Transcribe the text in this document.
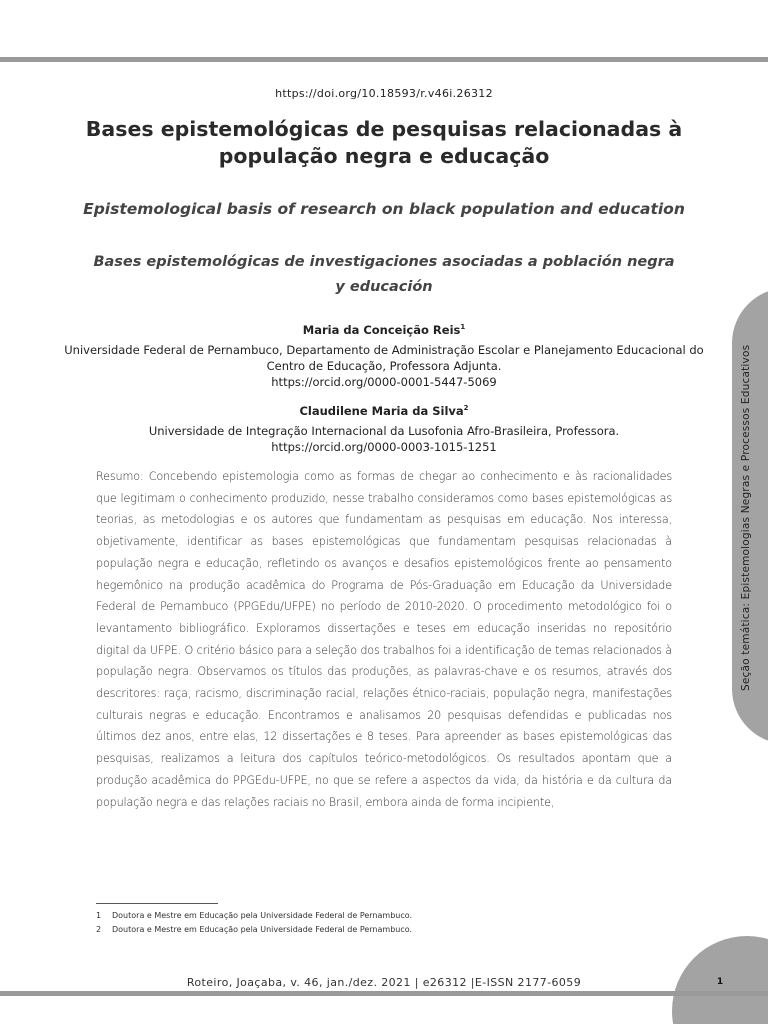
https://doi.org/10.18593/r.v46i.26312
Bases epistemológicas de pesquisas relacionadas à população negra e educação
Epistemological basis of research on black population and education
Bases epistemológicas de investigaciones asociadas a población negra y educación
Maria da Conceição Reis$^1$
Universidade Federal de Pernambuco, Departamento de Administração Escolar e Planejamento Educacional do Centro de Educação, Professora Adjunta.
https://orcid.org/0000-0001-5447-5069
Claudilene Maria da Silva$^2$
Universidade de Integração Internacional da Lusofonia Afro-Brasileira, Professora.
https://orcid.org/0000-0003-1015-1251

Resumo: Concebendo epistemologia como as formas de chegar ao conhecimento e às racionalidades que legitimam o conhecimento produzido, nesse trabalho consideramos como bases epistemológicas as teorias, as metodologias e os autores que fundamentam as pesquisas em educação. Nos interessa, objetivamente, identificar as bases epistemológicas que fundamentam pesquisas relacionadas à população negra e educação, refletindo os avanços e desafios epistemológicos frente ao pensamento hegemônico na produção acadêmica do Programa de Pós-Graduação em Educação da Universidade Federal de Pernambuco (PPGEdu/UFPE) no período de 2010-2020. O procedimento metodológico foi o levantamento bibliográfico. Exploramos dissertações e teses em educação inseridas no repositório digital da UFPE. O critério básico para a seleção dos trabalhos foi a identificação de temas relacionados à população negra. Observamos os títulos das produções, as palavras-chave e os resumos, através dos descritores: raça, racismo, discriminação racial, relações étnico-raciais, população negra, manifestações culturais negras e educação. Encontramos e analisamos 20 pesquisas defendidas e publicadas nos últimos dez anos, entre elas, 12 dissertações e 8 teses. Para apreender as bases epistemológicas das pesquisas, realizamos a leitura dos capítulos teórico-metodológicos. Os resultados apontam que a produção acadêmica do PPGEdu-UFPE, no que se refere a aspectos da vida, da história e da cultura da população negra e das relações raciais no Brasil, embora ainda de forma incipiente,

1	Doutora e Mestre em Educação pela Universidade Federal de Pernambuco.
2	Doutora e Mestre em Educação pela Universidade Federal de Pernambuco.
Seção temática: Epistemologias Negras e Processos Educativos
Roteiro, Joaçaba, v. 46, jan./dez. 2021 | e26312 |E-ISSN 2177-6059	1
